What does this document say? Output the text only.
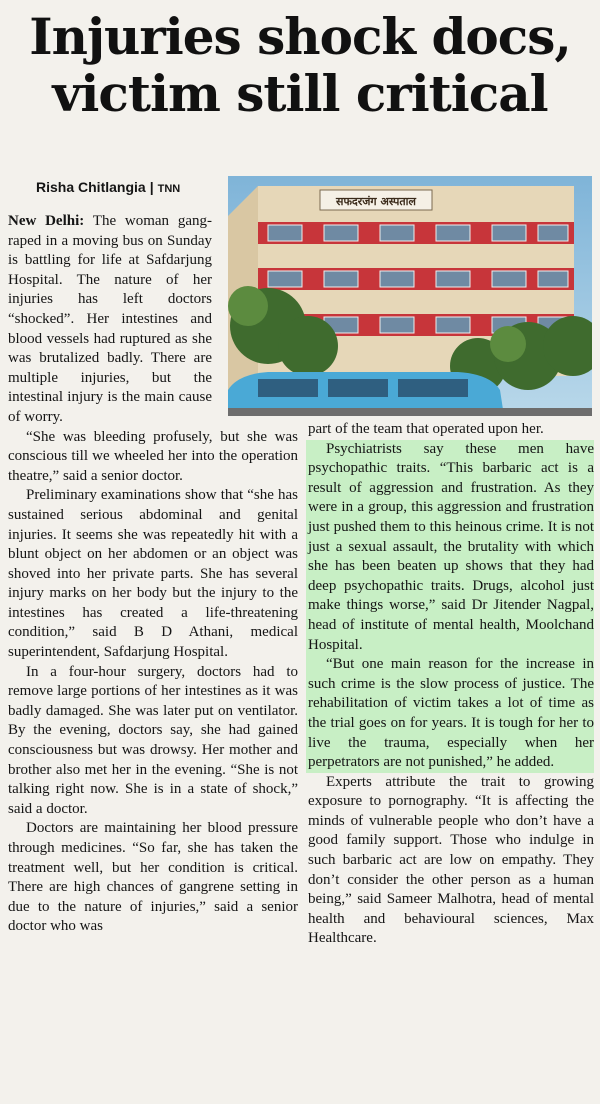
Injuries shock docs,
victim still critical
Risha Chitlangia | TNN
सफदरजंग अस्पताल

New Delhi: The woman gang-raped in a moving bus on Sunday is battling for life at Safdarjung Hospital. The nature of her injuries has left doctors “shocked”. Her intestines and blood vessels had ruptured as she was brutalized badly. There are multiple injuries, but the intestinal injury is the main cause of worry.

“She was bleeding profusely, but she was conscious till we wheeled her into the operation theatre,” said a senior doctor.

Preliminary examinations show that “she has sustained serious abdominal and genital injuries. It seems she was repeatedly hit with a blunt object on her abdomen or an object was shoved into her private parts. She has several injury marks on her body but the injury to the intestines has created a life-threatening condition,” said B D Athani, medical superintendent, Safdarjung Hospital.

In a four-hour surgery, doctors had to remove large portions of her intestines as it was badly damaged. She was later put on ventilator. By the evening, doctors say, she had gained consciousness but was drowsy. Her mother and brother also met her in the evening. “She is not talking right now. She is in a state of shock,” said a doctor.

Doctors are maintaining her blood pressure through medicines. “So far, she has taken the treatment well, but her condition is critical. There are high chances of gangrene setting in due to the nature of injuries,” said a senior doctor who was

part of the team that operated upon her.

Psychiatrists say these men have psychopathic traits. “This barbaric act is a result of aggression and frustration. As they were in a group, this aggression and frustration just pushed them to this heinous crime. It is not just a sexual assault, the brutality with which she has been beaten up shows that they had deep psychopathic traits. Drugs, alcohol just make things worse,” said Dr Jitender Nagpal, head of institute of mental health, Moolchand Hospital.

“But one main reason for the increase in such crime is the slow process of justice. The rehabilitation of victim takes a lot of time as the trial goes on for years. It is tough for her to live the trauma, especially when her perpetrators are not punished,” he added.

Experts attribute the trait to growing exposure to pornography. “It is affecting the minds of vulnerable people who don’t have a good family support. Those who indulge in such barbaric act are low on empathy. They don’t consider the other person as a human being,” said Sameer Malhotra, head of mental health and behavioural sciences, Max Healthcare.
